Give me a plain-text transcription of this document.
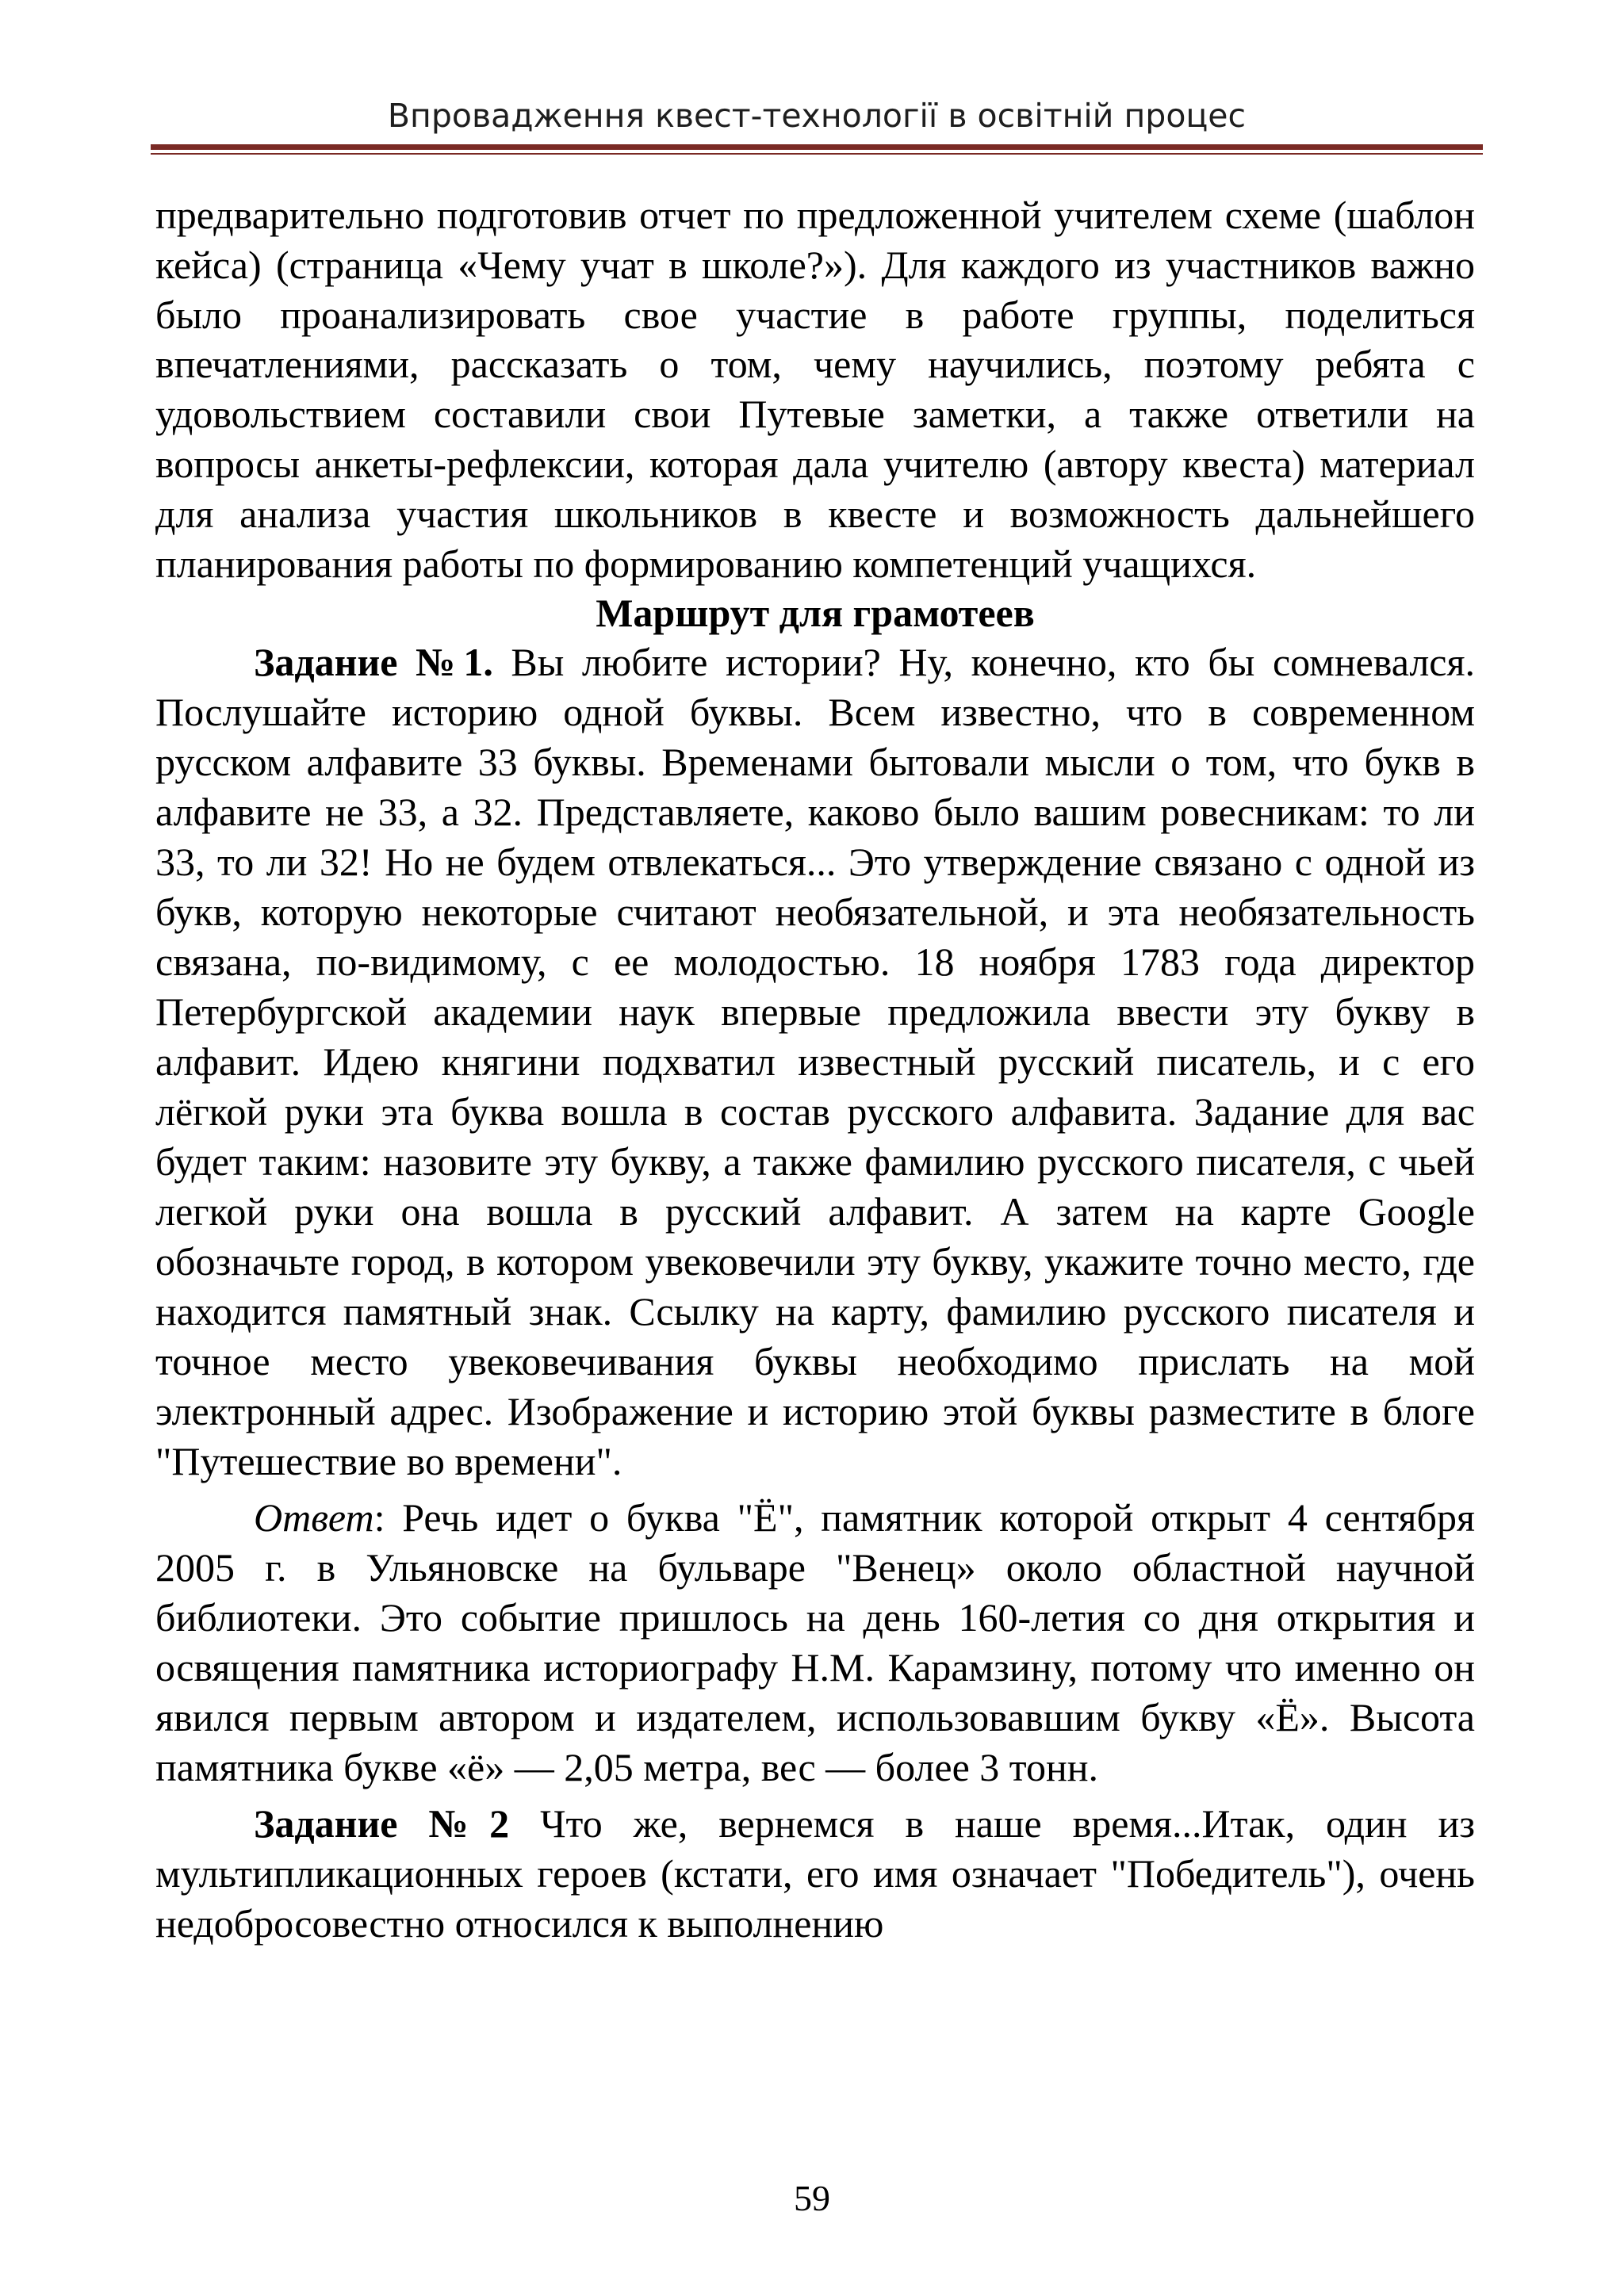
Впровадження квест-технології в освітній процес

предварительно подготовив отчет по предложенной учителем схеме (шаблон кейса) (страница «Чему учат в школе?»). Для каждого из участников важно было проанализировать свое участие в работе группы, поделиться впечатлениями, рассказать о том, чему научились, поэтому ребята с удовольствием составили свои Путевые заметки, а также ответили на вопросы анкеты-рефлексии, которая дала учителю (автору квеста) материал для анализа участия школьников в квесте и возможность дальнейшего планирования работы по формированию компетенций учащихся.

Маршрут для грамотеев

Задание №1. Вы любите истории? Ну, конечно, кто бы сомневался. Послушайте историю одной буквы. Всем известно, что в современном русском алфавите 33 буквы. Временами бытовали мысли о том, что букв в алфавите не 33, а 32. Представляете, каково было вашим ровесникам: то ли 33, то ли 32! Но не будем отвлекаться... Это утверждение связано с одной из букв, которую некоторые считают необязательной, и эта необязательность связана, по-видимому, с ее молодостью. 18 ноября 1783 года директор Петербургской академии наук впервые предложила ввести эту букву в алфавит. Идею княгини подхватил известный русский писатель, и с его лёгкой руки эта буква вошла в состав русского алфавита. Задание для вас будет таким: назовите эту букву, а также фамилию русского писателя, с чьей легкой руки она вошла в русский алфавит. А затем на карте Google обозначьте город, в котором увековечили эту букву, укажите точно место, где находится памятный знак. Ссылку на карту, фамилию русского писателя и точное место увековечивания буквы необходимо прислать на мой электронный адрес. Изображение и историю этой буквы разместите в блоге "Путешествие во времени".

Ответ: Речь идет о буква "Ё", памятник которой открыт 4 сентября 2005 г. в Ульяновске на бульваре "Венец» около областной научной библиотеки. Это событие пришлось на день 160-летия со дня открытия и освящения памятника историографу Н.М. Карамзину, потому что именно он явился первым автором и издателем, использовавшим букву «Ё». Высота памятника букве «ё» — 2,05 метра, вес — более 3 тонн.

Задание №2 Что же, вернемся в наше время...Итак, один из мультипликационных героев (кстати, его имя означает "Победитель"), очень недобросовестно относился к выполнению

59
